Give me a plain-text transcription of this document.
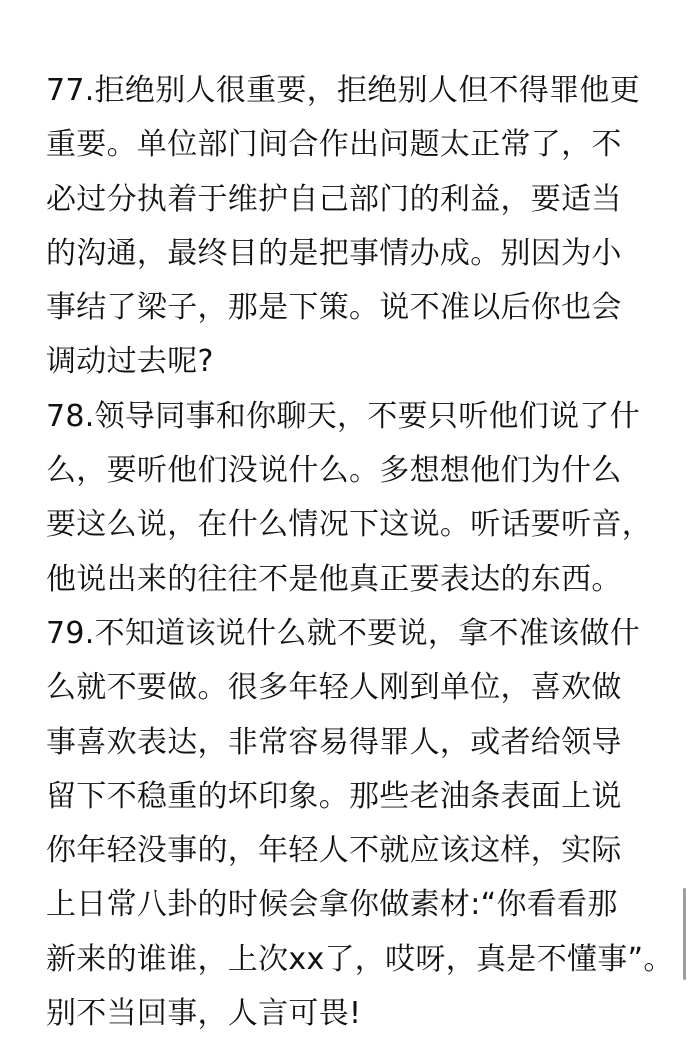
77.拒绝别人很重要，拒绝别人但不得罪他更
重要。单位部门间合作出问题太正常了，不
必过分执着于维护自己部门的利益，要适当
的沟通，最终目的是把事情办成。别因为小
事结了梁子，那是下策。说不准以后你也会
调动过去呢?
78.领导同事和你聊天，不要只听他们说了什
么，要听他们没说什么。多想想他们为什么
要这么说，在什么情况下这说。听话要听音，
他说出来的往往不是他真正要表达的东西。
79.不知道该说什么就不要说，拿不准该做什
么就不要做。很多年轻人刚到单位，喜欢做
事喜欢表达，非常容易得罪人，或者给领导
留下不稳重的坏印象。那些老油条表面上说
你年轻没事的，年轻人不就应该这样，实际
上日常八卦的时候会拿你做素材:“你看看那
新来的谁谁，上次xx了，哎呀，真是不懂事”。
别不当回事，人言可畏!
